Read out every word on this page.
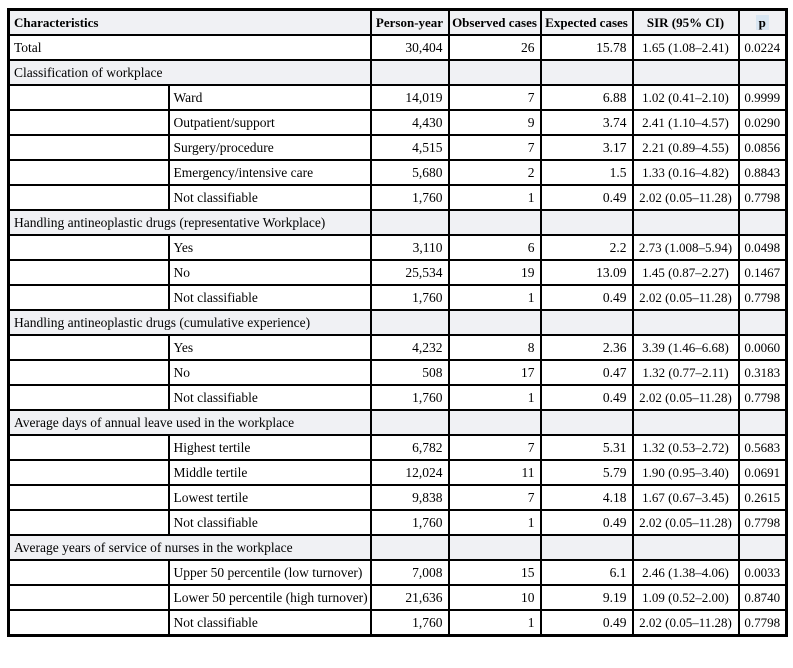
Characteristics		Person-year	Observed cases	Expected cases	SIR (95% CI)	p
Total		30,404	26	15.78	1.65 (1.08–2.41)	0.0224
Classification of workplace						
	Ward	14,019	7	6.88	1.02 (0.41–2.10)	0.9999
	Outpatient/support	4,430	9	3.74	2.41 (1.10–4.57)	0.0290
	Surgery/procedure	4,515	7	3.17	2.21 (0.89–4.55)	0.0856
	Emergency/intensive care	5,680	2	1.5	1.33 (0.16–4.82)	0.8843
	Not classifiable	1,760	1	0.49	2.02 (0.05–11.28)	0.7798
Handling antineoplastic drugs (representative Workplace)						
	Yes	3,110	6	2.2	2.73 (1.008–5.94)	0.0498
	No	25,534	19	13.09	1.45 (0.87–2.27)	0.1467
	Not classifiable	1,760	1	0.49	2.02 (0.05–11.28)	0.7798
Handling antineoplastic drugs (cumulative experience)						
	Yes	4,232	8	2.36	3.39 (1.46–6.68)	0.0060
	No	508	17	0.47	1.32 (0.77–2.11)	0.3183
	Not classifiable	1,760	1	0.49	2.02 (0.05–11.28)	0.7798
Average days of annual leave used in the workplace						
	Highest tertile	6,782	7	5.31	1.32 (0.53–2.72)	0.5683
	Middle tertile	12,024	11	5.79	1.90 (0.95–3.40)	0.0691
	Lowest tertile	9,838	7	4.18	1.67 (0.67–3.45)	0.2615
	Not classifiable	1,760	1	0.49	2.02 (0.05–11.28)	0.7798
Average years of service of nurses in the workplace						
	Upper 50 percentile (low turnover)	7,008	15	6.1	2.46 (1.38–4.06)	0.0033
	Lower 50 percentile (high turnover)	21,636	10	9.19	1.09 (0.52–2.00)	0.8740
	Not classifiable	1,760	1	0.49	2.02 (0.05–11.28)	0.7798
